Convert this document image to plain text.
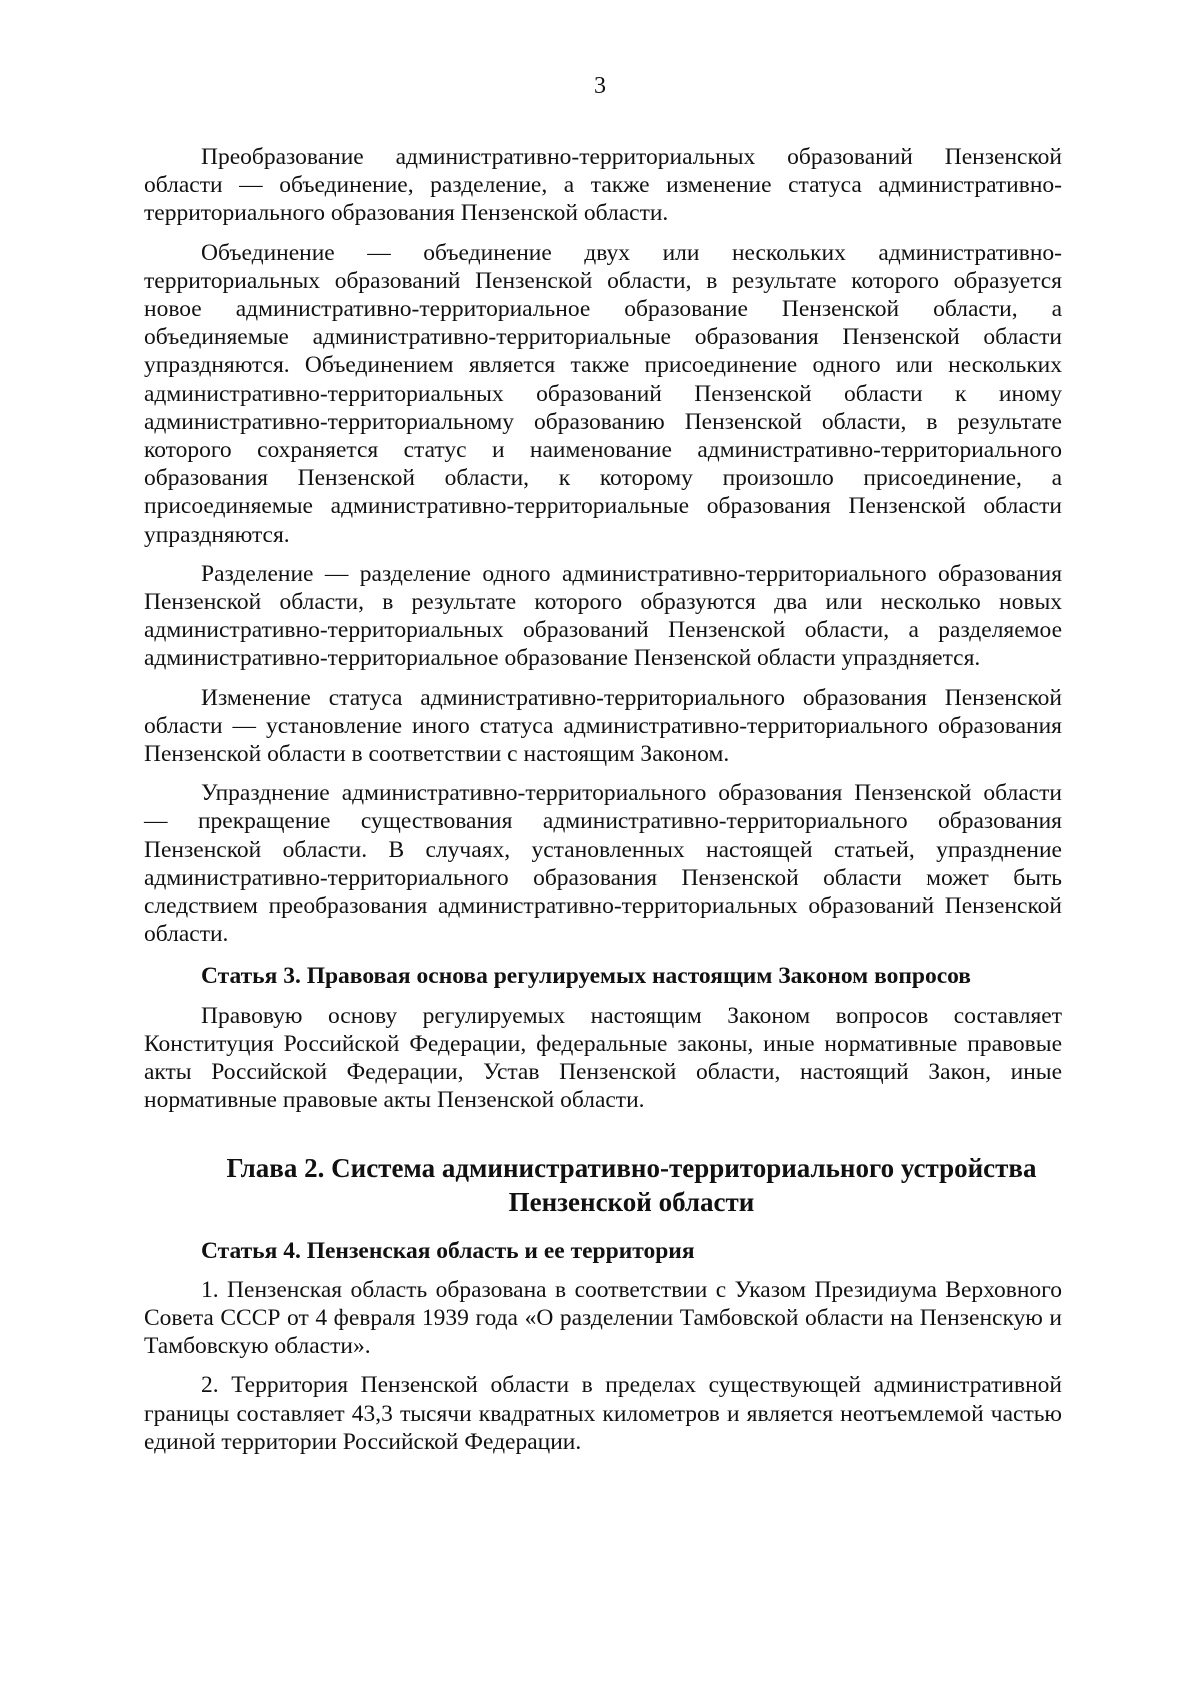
3

Преобразование административно-территориальных образований Пензенской области — объединение, разделение, а также изменение статуса административно-территориального образования Пензенской области.

Объединение — объединение двух или нескольких административно-территориальных образований Пензенской области, в результате которого образуется новое административно-территориальное образование Пензенской области, а объединяемые административно-территориальные образования Пензенской области упраздняются. Объединением является также присоединение одного или нескольких административно-территориальных образований Пензенской области к иному административно-территориальному образованию Пензенской области, в результате которого сохраняется статус и наименование административно-территориального образования Пензенской области, к которому произошло присоединение, а присоединяемые административно-территориальные образования Пензенской области упраздняются.

Разделение — разделение одного административно-территориального образования Пензенской области, в результате которого образуются два или несколько новых административно-территориальных образований Пензенской области, а разделяемое административно-территориальное образование Пензенской области упраздняется.

Изменение статуса административно-территориального образования Пензенской области — установление иного статуса административно-территориального образования Пензенской области в соответствии с настоящим Законом.

Упразднение административно-территориального образования Пензенской области — прекращение существования административно-территориального образования Пензенской области. В случаях, установленных настоящей статьей, упразднение административно-территориального образования Пензенской области может быть следствием преобразования административно-территориальных образований Пензенской области.

Статья 3. Правовая основа регулируемых настоящим Законом вопросов

Правовую основу регулируемых настоящим Законом вопросов составляет Конституция Российской Федерации, федеральные законы, иные нормативные правовые акты Российской Федерации, Устав Пензенской области, настоящий Закон, иные нормативные правовые акты Пензенской области.

Глава 2. Система административно-территориального устройства
Пензенской области
Статья 4. Пензенская область и ее территория

1. Пензенская область образована в соответствии с Указом Президиума Верховного Совета СССР от 4 февраля 1939 года «О разделении Тамбовской области на Пензенскую и Тамбовскую области».

2. Территория Пензенской области в пределах существующей административной границы составляет 43,3 тысячи квадратных километров и является неотъемлемой частью единой территории Российской Федерации.
